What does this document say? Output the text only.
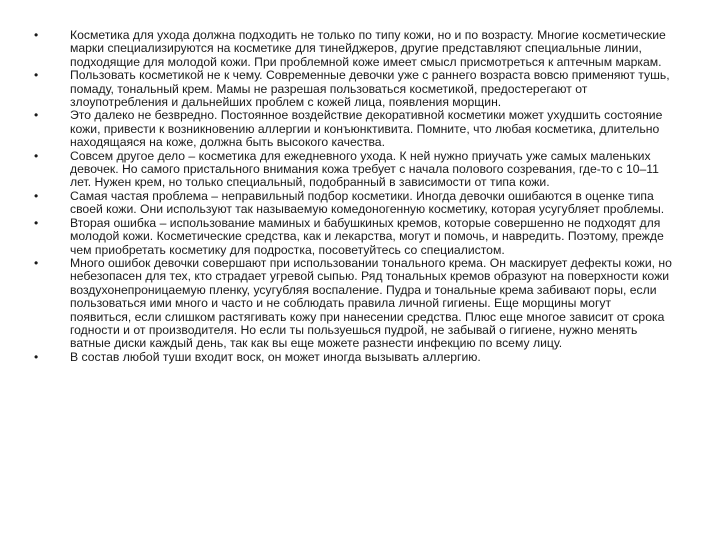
•	Косметика для ухода должна подходить не только по типу кожи, но и по возрасту. Многие косметические марки специализируются на косметике для тинейджеров, другие представляют специальные линии, подходящие для молодой кожи. При проблемной коже имеет смысл присмотреться к аптечным маркам.
•	Пользовать косметикой не к чему. Современные девочки уже с раннего возраста вовсю применяют тушь, помаду, тональный крем. Мамы не разрешая пользоваться косметикой, предостерегают от злоупотребления и дальнейших проблем с кожей лица, появления морщин.
•	Это далеко не безвредно. Постоянное воздействие декоративной косметики может ухудшить состояние кожи, привести к возникновению аллергии и конъюнктивита. Помните, что любая косметика, длительно находящаяся на коже, должна быть высокого качества.
•	Совсем другое дело – косметика для ежедневного ухода. К ней нужно приучать уже самых маленьких девочек. Но самого пристального внимания кожа требует с начала полового созревания, где-то с 10–11 лет. Нужен крем, но только специальный, подобранный в зависимости от типа кожи.
•	Самая частая проблема – неправильный подбор косметики. Иногда девочки ошибаются в оценке типа своей кожи. Они используют так называемую комедоногенную косметику, которая усугубляет проблемы.
•	Вторая ошибка – использование маминых и бабушкиных кремов, которые совершенно не подходят для молодой кожи. Косметические средства, как и лекарства, могут и помочь, и навредить. Поэтому, прежде чем приобретать косметику для подростка, посоветуйтесь со специалистом.
•	Много ошибок девочки совершают при использовании тонального крема. Он маскирует дефекты кожи, но небезопасен для тех, кто страдает угревой сыпью. Ряд тональных кремов образуют на поверхности кожи воздухонепроницаемую пленку, усугубляя воспаление. Пудра и тональные крема забивают поры, если пользоваться ими много и часто и не соблюдать правила личной гигиены. Еще морщины могут появиться, если слишком растягивать кожу при нанесении средства. Плюс еще многое зависит от срока годности и от производителя. Но если ты пользуешься пудрой, не забывай о гигиене, нужно менять ватные диски каждый день, так как вы еще можете разнести инфекцию по всему лицу.
•	В состав любой туши входит воск, он может иногда вызывать аллергию.
